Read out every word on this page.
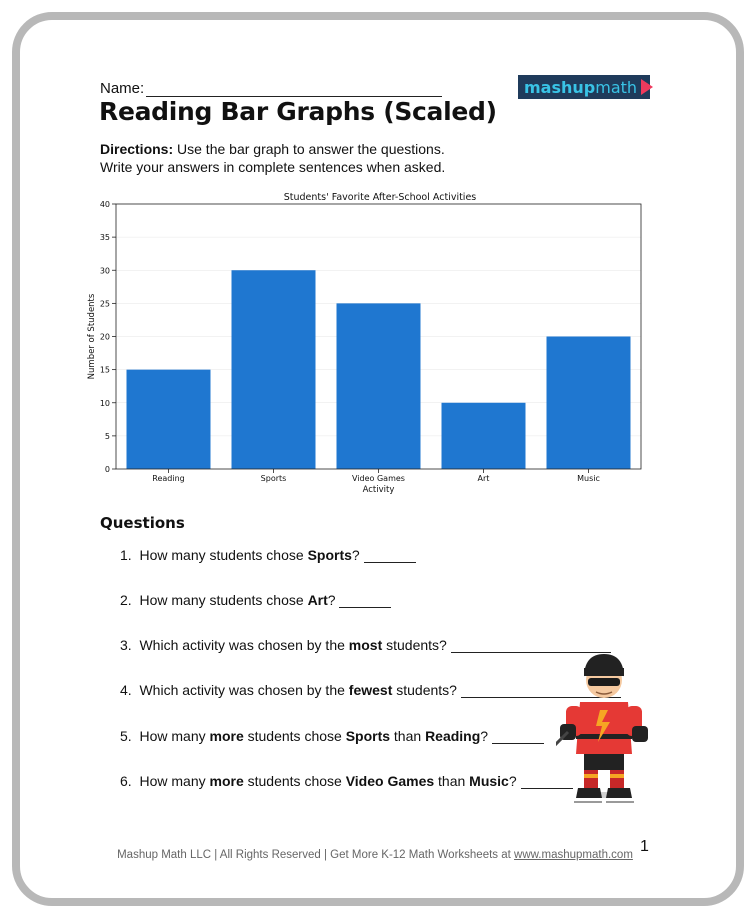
Name:
Reading Bar Graphs (Scaled)
mashup math
Directions: Use the bar graph to answer the questions.
Write your answers in complete sentences when asked.
Students' Favorite After-School Activities
0
5
10
15
20
25
30
35
40
Reading	Sports	Video Games	Art	Music
Activity
Number of Students
Questions
1. How many students chose Sports?
2. How many students chose Art?
3. Which activity was chosen by the most students?
4. Which activity was chosen by the fewest students?
5. How many more students chose Sports than Reading?
6. How many more students chose Video Games than Music?
1
Mashup Math LLC | All Rights Reserved | Get More K-12 Math Worksheets at www.mashupmath.com
